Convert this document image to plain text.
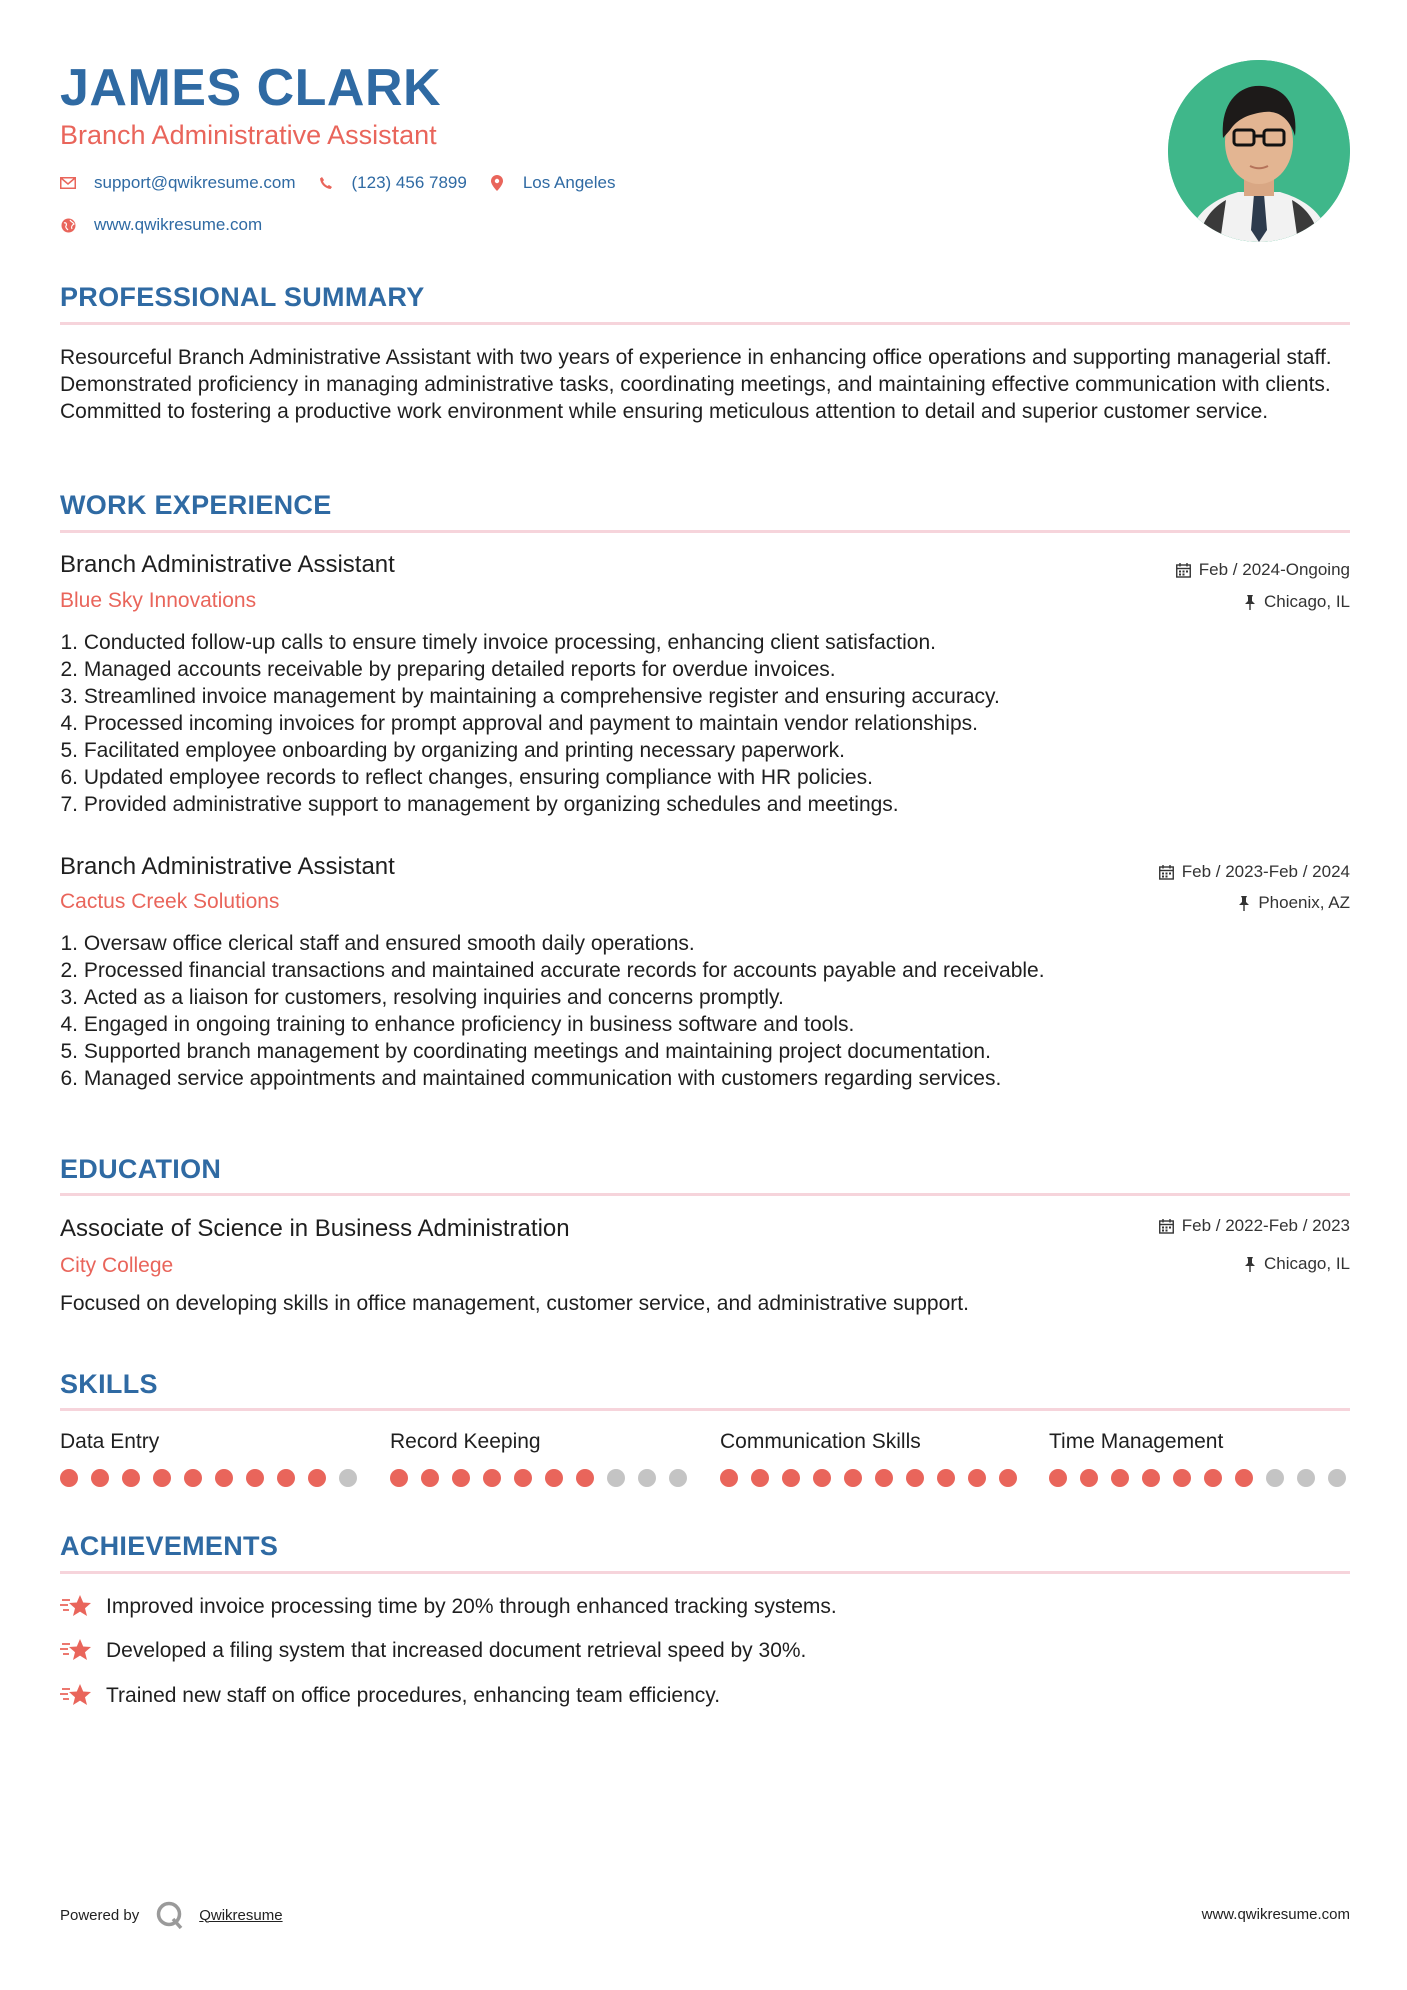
JAMES CLARK
Branch Administrative Assistant
support@qwikresume.com	(123) 456 7899	Los Angeles
www.qwikresume.com
PROFESSIONAL SUMMARY
Resourceful Branch Administrative Assistant with two years of experience in enhancing office operations and supporting managerial staff. Demonstrated proficiency in managing administrative tasks, coordinating meetings, and maintaining effective communication with clients. Committed to fostering a productive work environment while ensuring meticulous attention to detail and superior customer service.
WORK EXPERIENCE
Branch Administrative Assistant
Blue Sky Innovations
Feb / 2024-Ongoing
Chicago, IL
1.
Conducted follow-up calls to ensure timely invoice processing, enhancing client satisfaction.
2.
Managed accounts receivable by preparing detailed reports for overdue invoices.
3.
Streamlined invoice management by maintaining a comprehensive register and ensuring accuracy.
4.
Processed incoming invoices for prompt approval and payment to maintain vendor relationships.
5.
Facilitated employee onboarding by organizing and printing necessary paperwork.
6.
Updated employee records to reflect changes, ensuring compliance with HR policies.
7.
Provided administrative support to management by organizing schedules and meetings.
Branch Administrative Assistant
Cactus Creek Solutions
Feb / 2023-Feb / 2024
Phoenix, AZ
1.
Oversaw office clerical staff and ensured smooth daily operations.
2.
Processed financial transactions and maintained accurate records for accounts payable and receivable.
3.
Acted as a liaison for customers, resolving inquiries and concerns promptly.
4.
Engaged in ongoing training to enhance proficiency in business software and tools.
5.
Supported branch management by coordinating meetings and maintaining project documentation.
6.
Managed service appointments and maintained communication with customers regarding services.
EDUCATION
Associate of Science in Business Administration
City College
Feb / 2022-Feb / 2023
Chicago, IL
Focused on developing skills in office management, customer service, and administrative support.
SKILLS
Data Entry	Record Keeping	Communication Skills	Time Management
ACHIEVEMENTS
Improved invoice processing time by 20% through enhanced tracking systems.
Developed a filing system that increased document retrieval speed by 30%.
Trained new staff on office procedures, enhancing team efficiency.
Powered by	Qwikresume	www.qwikresume.com
